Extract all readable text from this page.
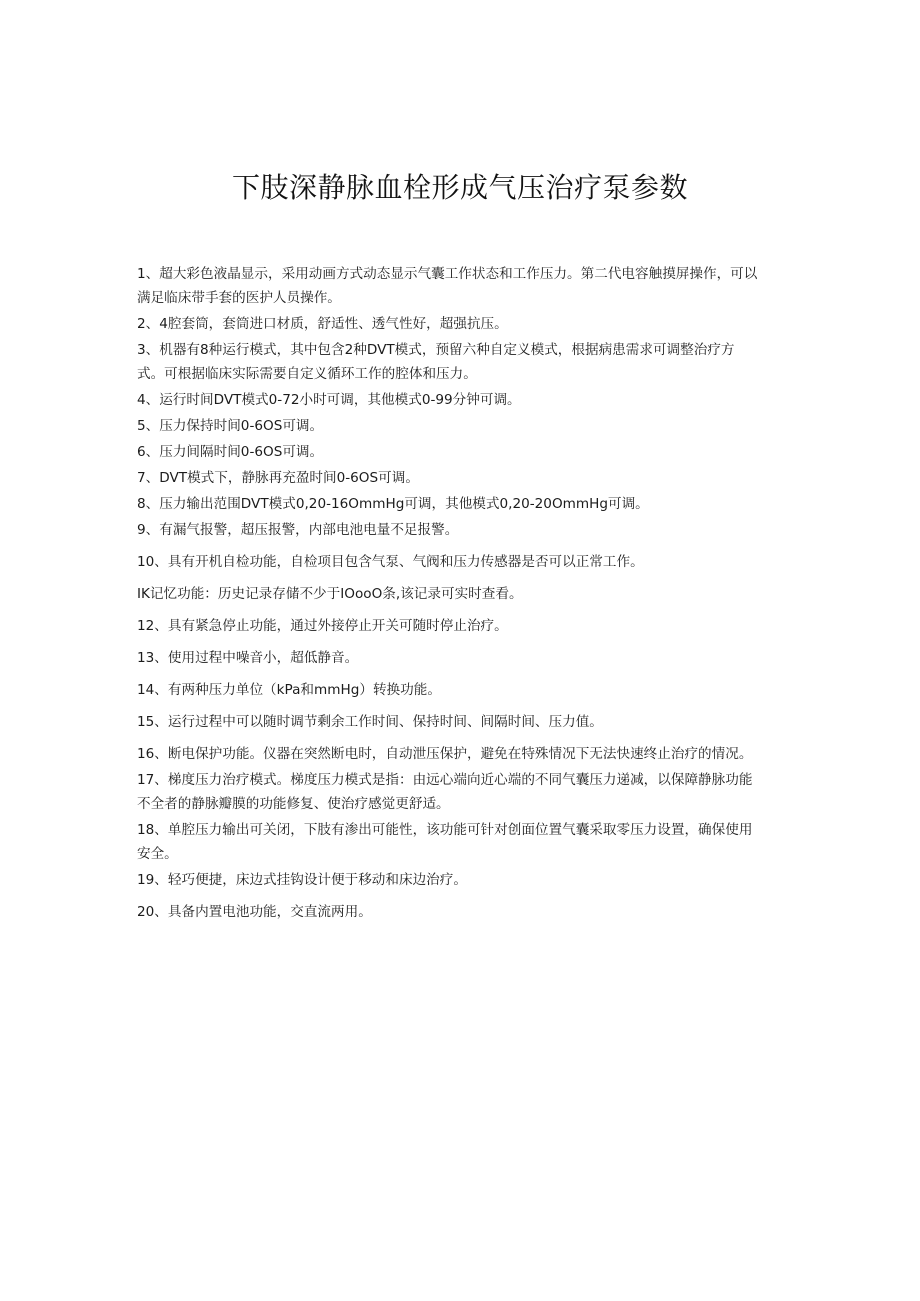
下肢深静脉血栓形成气压治疗泵参数

1、超大彩色液晶显示，采用动画方式动态显示气囊工作状态和工作压力。第二代电容触摸屏操作，可以满足临床带手套的医护人员操作。

2、4腔套筒，套筒进口材质，舒适性、透气性好，超强抗压。

3、机器有8种运行模式，其中包含2种DVT模式，预留六种自定义模式，根据病患需求可调整治疗方式。可根据临床实际需要自定义循环工作的腔体和压力。

4、运行时间DVT模式0-72小时可调，其他模式0-99分钟可调。

5、压力保持时间0-6OS可调。

6、压力间隔时间0-6OS可调。

7、DVT模式下，静脉再充盈时间0-6OS可调。

8、压力输出范围DVT模式0,20-16OmmHg可调，其他模式0,20-20OmmHg可调。

9、有漏气报警，超压报警，内部电池电量不足报警。

10、具有开机自检功能，自检项目包含气泵、气阀和压力传感器是否可以正常工作。

IK记忆功能：历史记录存储不少于IOooO条,该记录可实时查看。

12、具有紧急停止功能，通过外接停止开关可随时停止治疗。

13、使用过程中噪音小，超低静音。

14、有两种压力单位（kPa和mmHg）转换功能。

15、运行过程中可以随时调节剩余工作时间、保持时间、间隔时间、压力值。

16、断电保护功能。仪器在突然断电时，自动泄压保护，避免在特殊情况下无法快速终止治疗的情况。

17、梯度压力治疗模式。梯度压力模式是指：由远心端向近心端的不同气囊压力递减，以保障静脉功能不全者的静脉瓣膜的功能修复、使治疗感觉更舒适。

18、单腔压力输出可关闭，下肢有渗出可能性，该功能可针对创面位置气囊采取零压力设置，确保使用安全。

19、轻巧便捷，床边式挂钩设计便于移动和床边治疗。

20、具备内置电池功能，交直流两用。
